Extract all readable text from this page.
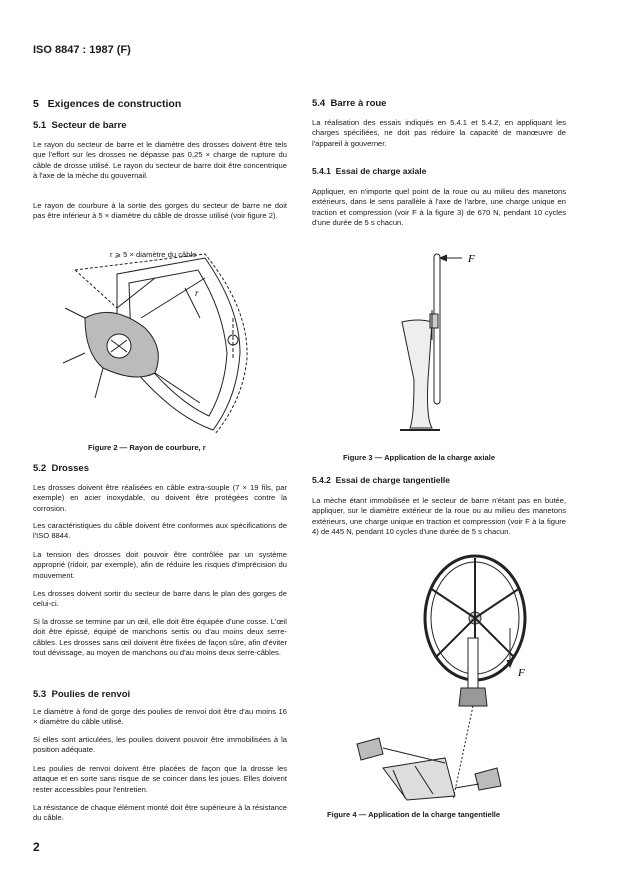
ISO 8847 : 1987 (F)
5 Exigences de construction
5.1 Secteur de barre

Le rayon du secteur de barre et le diamètre des drosses doivent être tels que l'effort sur les drosses ne dépasse pas 0,25 × charge de rupture du câble de drosse utilisé. Le rayon du secteur de barre doit être concentrique à l'axe de la mèche du gouvernail.

Le rayon de courbure à la sortie des gorges du secteur de barre ne doit pas être inférieur à 5 × diamètre du câble de drosse utilisé (voir figure 2).

r
r ⩾ 5 × diamètre du câble
Figure 2 — Rayon de courbure, r
5.2 Drosses

Les drosses doivent être réalisées en câble extra-souple (7 × 19 fils, par exemple) en acier inoxydable, ou doivent être protégées contre la corrosion.

Les caractéristiques du câble doivent être conformes aux spécifications de l'ISO 8844.

La tension des drosses doit pouvoir être contrôlée par un système approprié (ridoir, par exemple), afin de réduire les risques d'imprécision du mouvement.

Les drosses doivent sortir du secteur de barre dans le plan des gorges de celui-ci.

Si la drosse se termine par un œil, elle doit être équipée d'une cosse. L'œil doit être épissé, équipé de manchons sertis ou d'au moins deux serre-câbles. Les drosses sans œil doivent être fixées de façon sûre, afin d'éviter tout dévissage, au moyen de manchons ou d'au moins deux serre-câbles.

5.3 Poulies de renvoi

Le diamètre à fond de gorge des poulies de renvoi doit être d'au moins 16 × diamètre du câble utilisé.

Si elles sont articulées, les poulies doivent pouvoir être immobilisées à la position adéquate.

Les poulies de renvoi doivent être placées de façon que la drosse les attaque et en sorte sans risque de se coincer dans les joues. Elles doivent rester accessibles pour l'entretien.

La résistance de chaque élément monté doit être supérieure à la résistance du câble.

2
5.4 Barre à roue

La réalisation des essais indiqués en 5.4.1 et 5.4.2, en appliquant les charges spécifiées, ne doit pas réduire la capacité de manœuvre de l'appareil à gouverner.

5.4.1 Essai de charge axiale

Appliquer, en n'importe quel point de la roue ou au milieu des manetons extérieurs, dans le sens parallèle à l'axe de l'arbre, une charge unique en traction et compression (voir F à la figure 3) de 670 N, pendant 10 cycles d'une durée de 5 s chacun.

F
Figure 3 — Application de la charge axiale
5.4.2 Essai de charge tangentielle

La mèche étant immobilisée et le secteur de barre n'étant pas en butée, appliquer, sur le diamètre extérieur de la roue ou au milieu des manetons extérieurs, une charge unique en traction et compression (voir F à la figure 4) de 445 N, pendant 10 cycles d'une durée de 5 s chacun.

F
Figure 4 — Application de la charge tangentielle
